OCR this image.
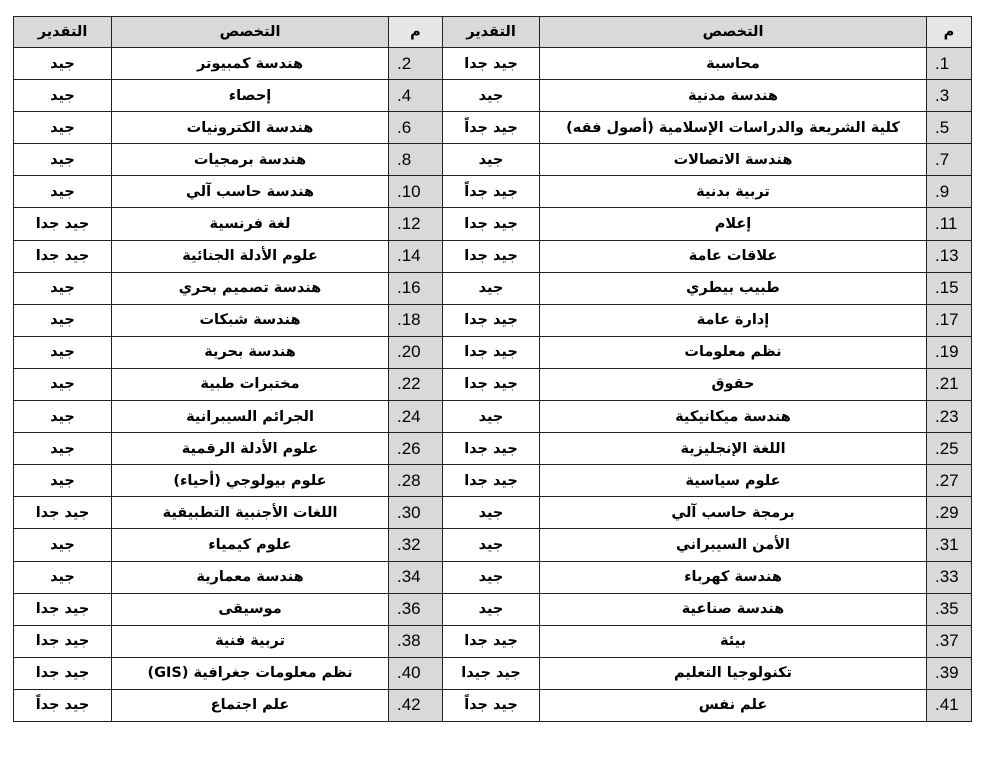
م	التخصص	التقدير	م	التخصص	التقدير
.1	محاسبة	جيد جدا	.2	هندسة كمبيوتر	جيد
.3	هندسة مدنية	جيد	.4	إحصاء	جيد
.5	كلية الشريعة والدراسات الإسلامية (أصول فقه)	جيد جداً	.6	هندسة الكترونيات	جيد
.7	هندسة الاتصالات	جيد	.8	هندسة برمجيات	جيد
.9	تربية بدنية	جيد جداً	.10	هندسة حاسب آلي	جيد
.11	إعلام	جيد جدا	.12	لغة فرنسية	جيد جدا
.13	علاقات عامة	جيد جدا	.14	علوم الأدلة الجنائية	جيد جدا
.15	طبيب بيطري	جيد	.16	هندسة تصميم بحري	جيد
.17	إدارة عامة	جيد جدا	.18	هندسة شبكات	جيد
.19	نظم معلومات	جيد جدا	.20	هندسة بحرية	جيد
.21	حقوق	جيد جدا	.22	مختبرات طبية	جيد
.23	هندسة ميكانيكية	جيد	.24	الجرائم السيبرانية	جيد
.25	اللغة الإنجليزية	جيد جدا	.26	علوم الأدلة الرقمية	جيد
.27	علوم سياسية	جيد جدا	.28	علوم بيولوجي (أحياء)	جيد
.29	برمجة حاسب آلي	جيد	.30	اللغات الأجنبية التطبيقية	جيد جدا
.31	الأمن السيبراني	جيد	.32	علوم كيمياء	جيد
.33	هندسة كهرباء	جيد	.34	هندسة معمارية	جيد
.35	هندسة صناعية	جيد	.36	موسيقى	جيد جدا
.37	بيئة	جيد جدا	.38	تربية فنية	جيد جدا
.39	تكنولوجيا التعليم	جيد جيدا	.40	نظم معلومات جغرافية (GIS)	جيد جدا
.41	علم نفس	جيد جداً	.42	علم اجتماع	جيد جداً
